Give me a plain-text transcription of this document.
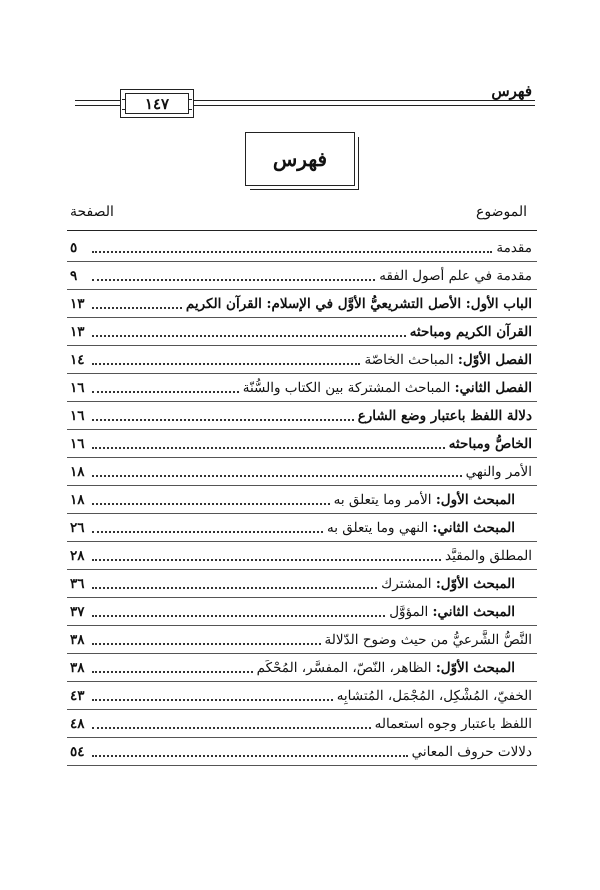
فهرس
١٤٧
فهرس
الموضوع
الصفحة
مقدمة
٥
مقدمة في علم أصول الفقه
٩
الباب الأول: الأصل التشريعيُّ الأوَّل في الإسلام: القرآن الكريم
١٣
القرآن الكريم ومباحثه
١٣
الفصل الأوّل: المباحث الخاصّة
١٤
الفصل الثاني: المباحث المشتركة بين الكتاب والسُّنّة
١٦
دلالة اللفظ باعتبار وضع الشارع
١٦
الخاصُّ ومباحثه
١٦
الأمر والنهي
١٨
المبحث الأول: الأمر وما يتعلق به
١٨
المبحث الثاني: النهي وما يتعلق به
٢٦
المطلق والمقيَّد
٢٨
المبحث الأوّل: المشترك
٣٦
المبحث الثاني: المؤوَّل
٣٧
النَّصُّ الشَّرعيُّ من حيث وضوح الدّلالة
٣٨
المبحث الأوّل: الظاهر، النّصّ، المفسَّر، المُحْكَم
٣٨
الخفيّ، المُشْكِل، المُجْمَل، المُتشابِه
٤٣
اللفظ باعتبار وجوه استعماله
٤٨
دلالات حروف المعاني
٥٤
